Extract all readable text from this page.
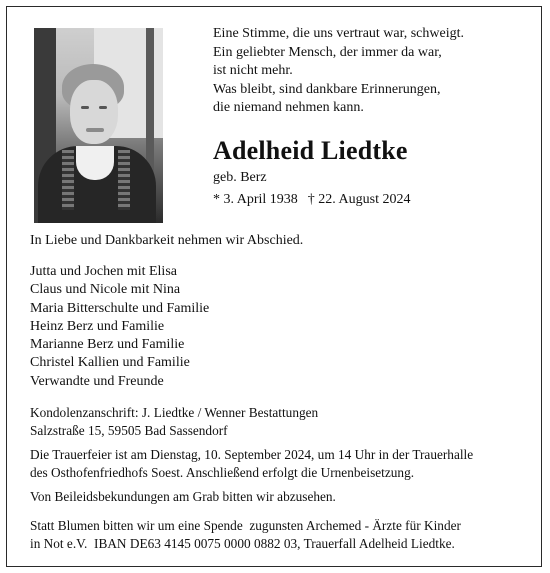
Eine Stimme, die uns vertraut war, schweigt.
Ein geliebter Mensch, der immer da war,
ist nicht mehr.
Was bleibt, sind dankbare Erinnerungen,
die niemand nehmen kann.
Adelheid Liedtke
geb. Berz
* 3. April 1938 † 22. August 2024
In Liebe und Dankbarkeit nehmen wir Abschied.
Jutta und Jochen mit Elisa
Claus und Nicole mit Nina
Maria Bitterschulte und Familie
Heinz Berz und Familie
Marianne Berz und Familie
Christel Kallien und Familie
Verwandte und Freunde
Kondolenzanschrift: J. Liedtke / Wenner Bestattungen
Salzstraße 15, 59505 Bad Sassendorf
Die Trauerfeier ist am Dienstag, 10. September 2024, um 14 Uhr in der Trauerhalle
des Osthofenfriedhofs Soest. Anschließend erfolgt die Urnenbeisetzung.
Von Beileidsbekundungen am Grab bitten wir abzusehen.
Statt Blumen bitten wir um eine Spende  zugunsten Archemed - Ärzte für Kinder
in Not e.V.  IBAN DE63 4145 0075 0000 0882 03, Trauerfall Adelheid Liedtke.
